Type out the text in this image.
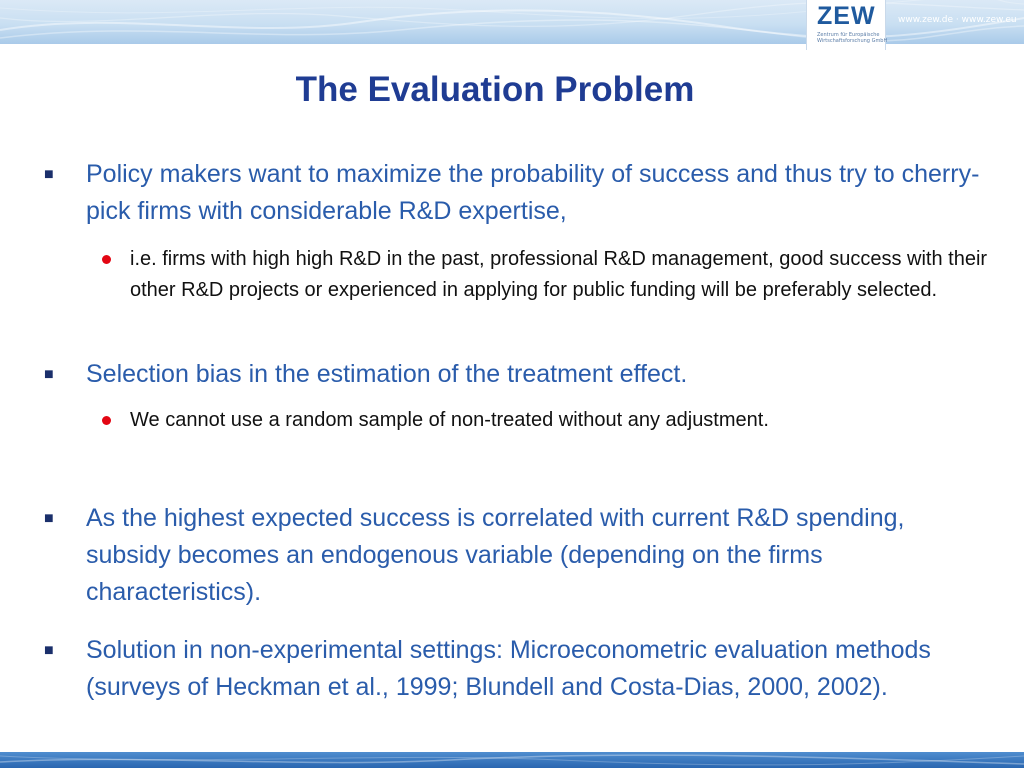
www.zew.de · www.zew.eu
ZEW
Zentrum für Europäische
Wirtschaftsforschung GmbH
The Evaluation Problem
■ Policy makers want to maximize the probability of success and thus try to cherry-pick firms with considerable R&D expertise,
i.e. firms with high high R&D in the past, professional R&D management, good success with their other R&D projects or experienced in applying for public funding will be preferably selected.
■ Selection bias in the estimation of the treatment effect.
We cannot use a random sample of non-treated without any adjustment.
■ As the highest expected success is correlated with current R&D spending, subsidy becomes an endogenous variable (depending on the firms characteristics).
■ Solution in non-experimental settings: Microeconometric evaluation methods (surveys of Heckman et al., 1999; Blundell and Costa-Dias, 2000, 2002).
